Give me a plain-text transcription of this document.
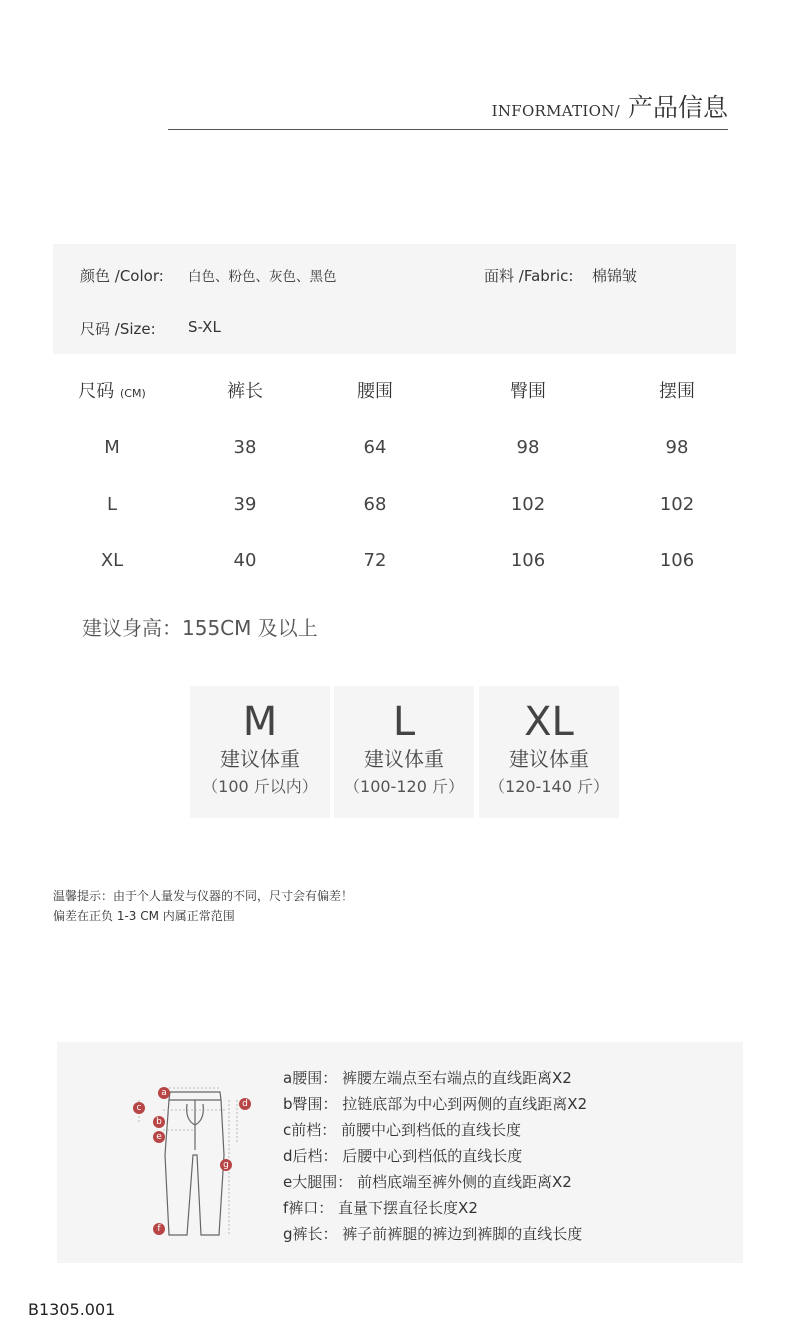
INFORMATION/ 产品信息
颜色 /Color: 白色、粉色、灰色、黑色	面料 /Fabric: 棉锦皱
尺码 /Size: S-XL
尺码 (CM)	裤长	腰围	臀围	摆围
M	38	64	98	98
L	39	68	102	102
XL	40	72	106	106
建议身高：155CM 及以上
M
建议体重
（100 斤以内）
L
建议体重
（100-120 斤）
XL
建议体重
（120-140 斤）
温馨提示：由于个人量发与仪器的不同，尺寸会有偏差！
偏差在正负 1-3 CM 内属正常范围
a
b
c	d
e
f
g
a腰围： 裤腰左端点至右端点的直线距离X2
b臀围： 拉链底部为中心到两侧的直线距离X2
c前档： 前腰中心到档低的直线长度
d后档： 后腰中心到档低的直线长度
e大腿围： 前档底端至裤外侧的直线距离X2
f裤口： 直量下摆直径长度X2
g裤长： 裤子前裤腿的裤边到裤脚的直线长度
B1305.001
